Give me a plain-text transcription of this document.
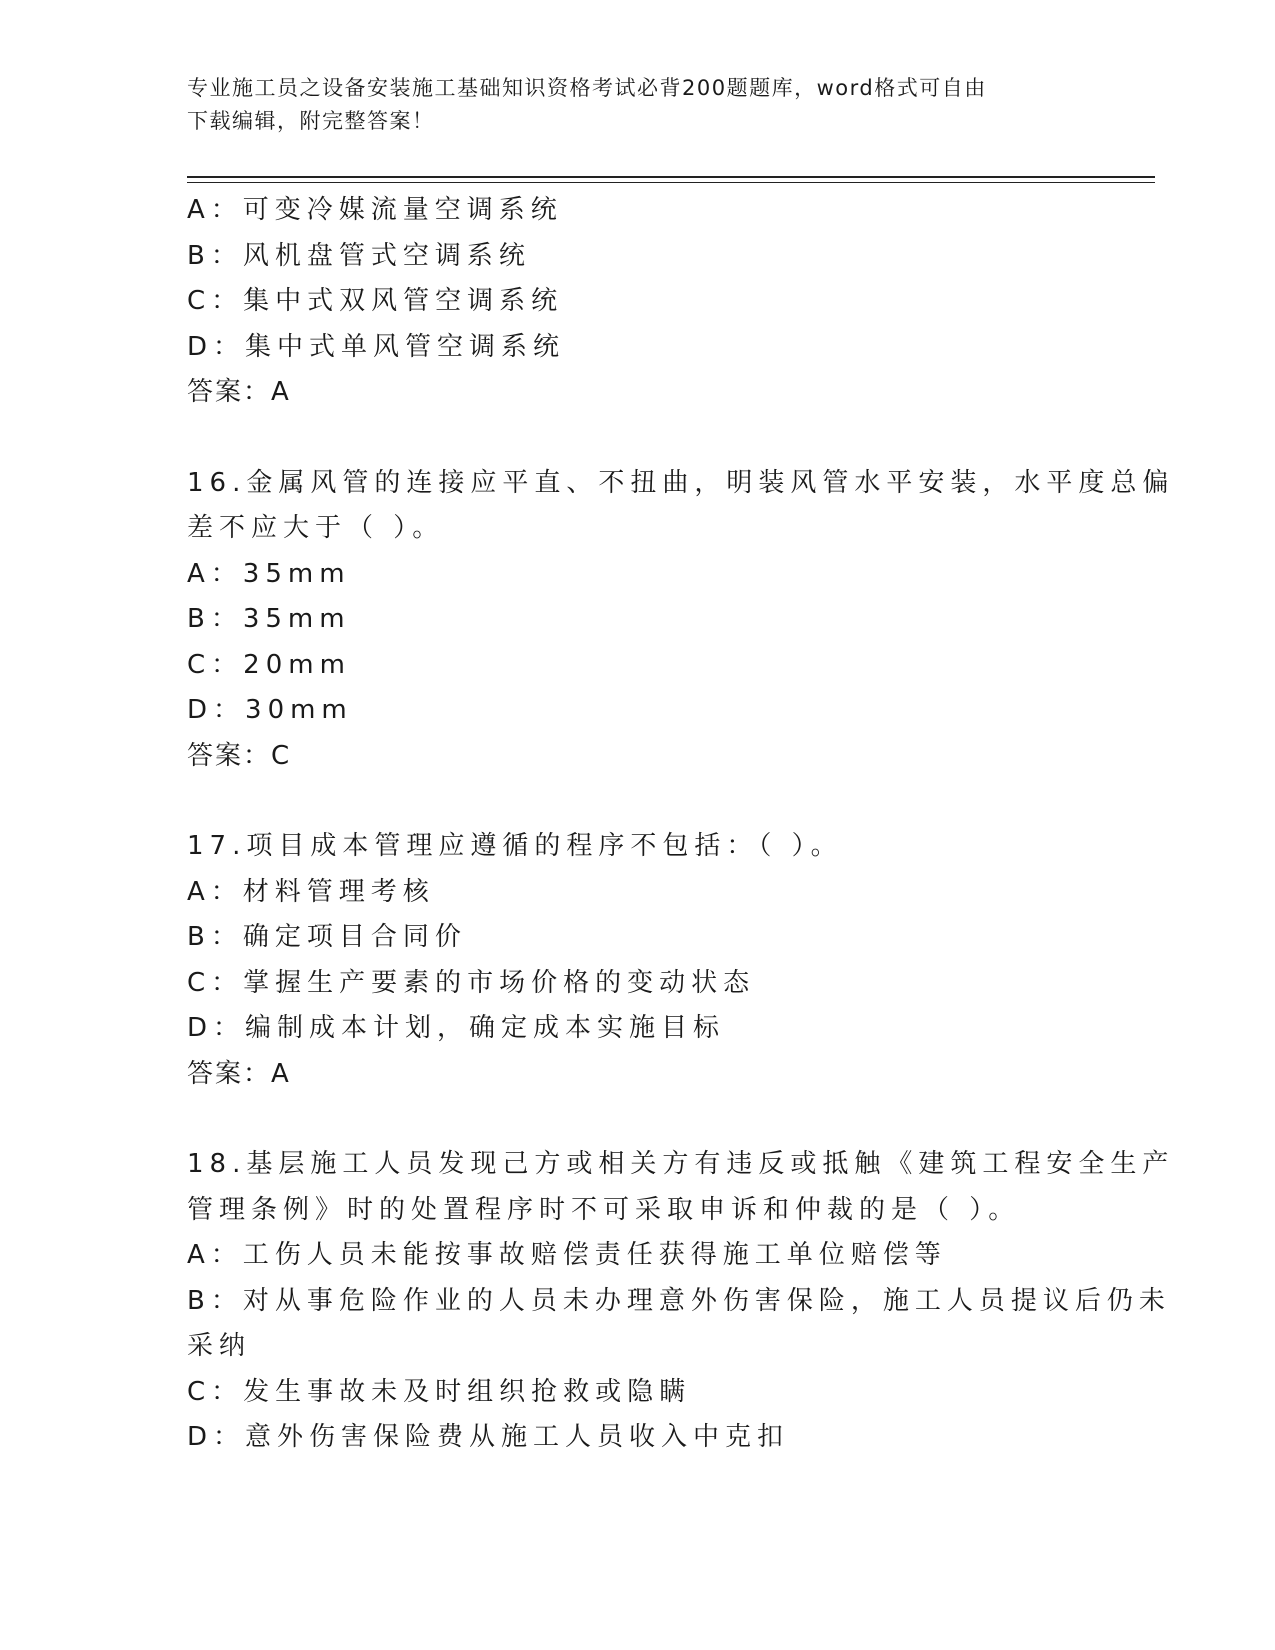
专业施工员之设备安装施工基础知识资格考试必背200题题库，word格式可自由
下载编辑，附完整答案！
A：可变冷媒流量空调系统
B：风机盘管式空调系统
C：集中式双风管空调系统
D：集中式单风管空调系统
答案：A
16.金属风管的连接应平直、不扭曲，明装风管水平安装，水平度总偏
差不应大于（ ）。
A：35mm
B：35mm
C：20mm
D：30mm
答案：C
17.项目成本管理应遵循的程序不包括：（ ）。
A：材料管理考核
B：确定项目合同价
C：掌握生产要素的市场价格的变动状态
D：编制成本计划，确定成本实施目标
答案：A
18.基层施工人员发现己方或相关方有违反或抵触《建筑工程安全生产
管理条例》时的处置程序时不可采取申诉和仲裁的是（ ）。
A：工伤人员未能按事故赔偿责任获得施工单位赔偿等
B：对从事危险作业的人员未办理意外伤害保险，施工人员提议后仍未
采纳
C：发生事故未及时组织抢救或隐瞒
D：意外伤害保险费从施工人员收入中克扣
